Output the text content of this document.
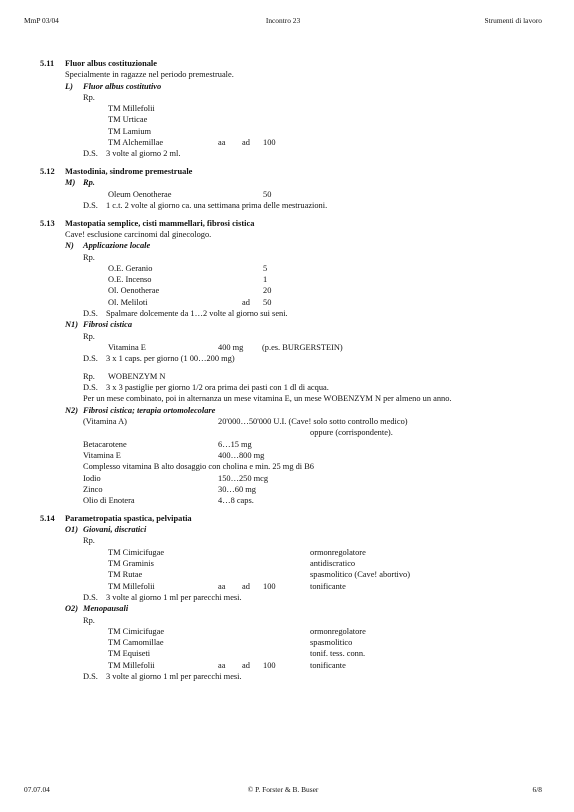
MmP 03/04	Incontro 23	Strumenti di lavoro
5.11 Fluor albus costituzionale
Specialmente in ragazze nel periodo premestruale.
L) Fluor albus costitutivo
Rp.
TM Millefolii
TM Urticae
TM Lamium
TM Alchemillae	aa ad 100
D.S. 3 volte al giorno 2 ml.
5.12 Mastodinia, sindrome premestruale
M) Rp.
Oleum Oenotherae	50
D.S. 1 c.t. 2 volte al giorno ca. una settimana prima delle mestruazioni.
5.13 Mastopatia semplice, cisti mammellari, fibrosi cistica
Cave! esclusione carcinomi dal ginecologo.
N) Applicazione locale
Rp.
O.E. Geranio	5
O.E. Incenso	1
Ol. Oenotherae	20
Ol. Meliloti	ad 50
D.S. Spalmare dolcemente da 1…2 volte al giorno sui seni.
N1) Fibrosi cistica
Rp.
Vitamina E	400 mg (p.es. BURGERSTEIN)
D.S. 3 x 1 caps. per giorno (1 00…200 mg)
Rp. WOBENZYM N
D.S. 3 x 3 pastiglie per giorno 1/2 ora prima dei pasti con 1 dl di acqua.
Per un mese combinato, poi in alternanza un mese vitamina E, un mese WOBENZYM N per almeno un anno.
N2) Fibrosi cistica; terapia ortomolecolare
(Vitamina A)	20'000…50'000 U.I. (Cave! solo sotto controllo medico)
oppure (corrispondente).
Betacarotene	6…15 mg
Vitamina E	400…800 mg
Complesso vitamina B alto dosaggio con cholina e min. 25 mg di B6
Iodio	150…250 mcg
Zinco	30…60 mg
Olio di Enotera	4…8 caps.
5.14 Parametropatia spastica, pelvipatia
O1) Giovani, discratici
Rp.
TM Cimicifugae	ormonregolatore
TM Graminis	antidiscratico
TM Rutae	spasmolitico (Cave! abortivo)
TM Millefolii	aa ad 100	tonificante
D.S. 3 volte al giorno 1 ml per parecchi mesi.
O2) Menopausali
Rp.
TM Cimicifugae	ormonregolatore
TM Camomillae	spasmolitico
TM Equiseti	tonif. tess. conn.
TM Millefolii	aa ad 100	tonificante
D.S. 3 volte al giorno 1 ml per parecchi mesi.
07.07.04	© P. Forster & B. Buser	6/8
